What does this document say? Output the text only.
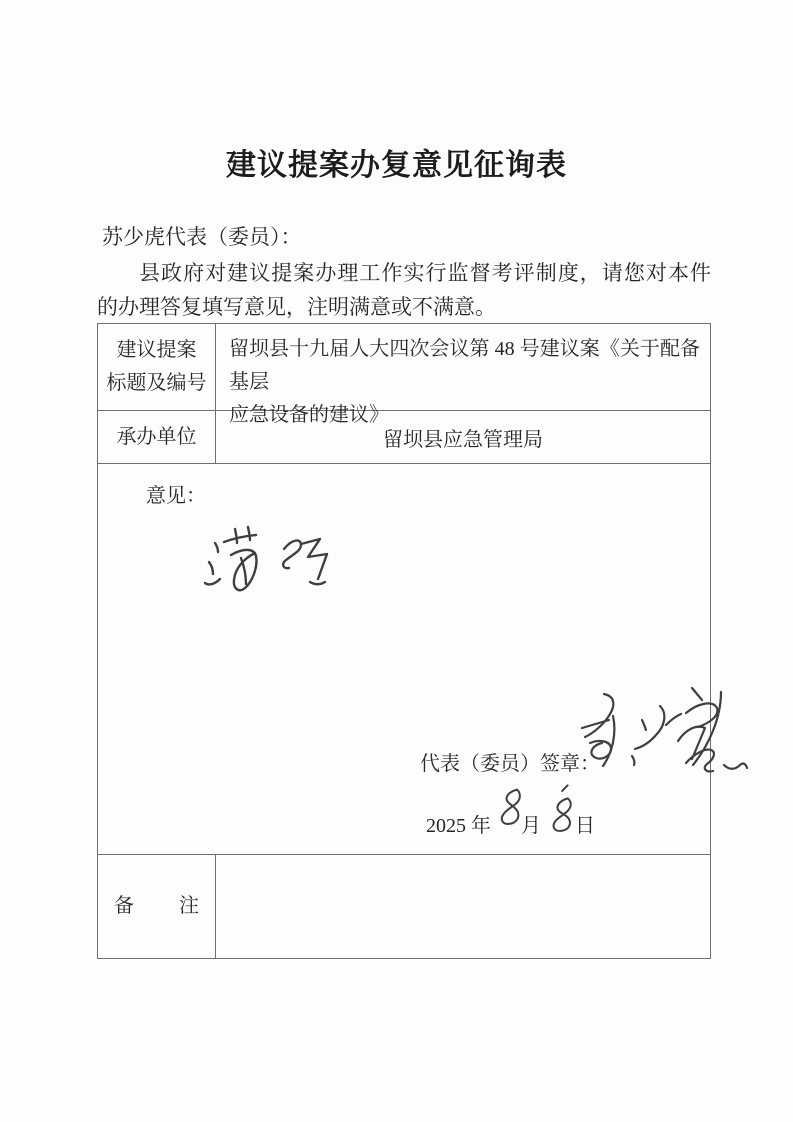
建议提案办复意见征询表
苏少虎代表（委员）：
县政府对建议提案办理工作实行监督考评制度，请您对本件
的办理答复填写意见，注明满意或不满意。
建议提案
标题及编号
留坝县十九届人大四次会议第 48 号建议案《关于配备基层
应急设备的建议》
承办单位	留坝县应急管理局
意见：
代表（委员）签章：
2025 年 月 日
备 注
